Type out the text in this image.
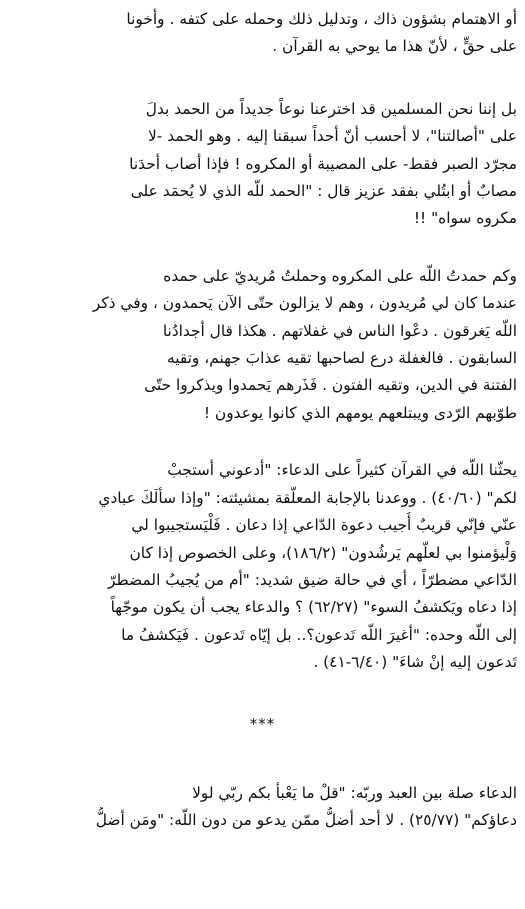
أو الاهتمام بشؤون ذاك ، وتدليل ذلك وحمله على كتفه . وأخونا
على حقٍّ ، لأنّ هذا ما يوحي به القرآن .

بل إننا نحن المسلمين قد اخترعنا نوعاً جديداً من الحمد بدلَ
على "أصالتنا"، لا أحسب أنّ أحداً سبقنا إليه . وهو الحمد -لا
مجرّد الصبر فقط- على المصيبة أو المكروه ! فإذا أصاب أحدَنا
مصابٌ أو ابتُلي بفقد عزيز قال : "الحمد للّه الذي لا يُحمَد على
مكروه سواه" !!

وكم حمدتُ اللّه على المكروه وحملتُ مُريديّ على حمده
عندما كان لي مُريدون ، وهم لا يزالون حتّى الآن يَحمدون ، وفي ذكر
اللّه يَغرقون . دعْوا الناس في غفلاتهم . هكذا قال أجدادُنا
السابقون . فالغفلة درع لصاحبها تقيه عذابَ جهنم، وتقيه
الفتنة في الدين، وتقيه الفتون . فَذَرهم يَحمدوا ويذكروا حتّى
طوّبهم الرّدى ويبتلعهم يومهم الذي كانوا يوعدون !

يحثّنا اللّه في القرآن كثيراً على الدعاء: "أدعوني أستجبْ
لكم" (٤٠/٦٠) . ووعدنا بالإجابة المعلّقة بمشيئته: "وإذا سألَكَ عبادي
عنّي فإنّي قريبٌ أُجيب دعوة الدّاعي إذا دعان . فَلْيَستجيبوا لي
وَلْيؤمنوا بي لعلّهم يَرشُدون" (١٨٦/٢)، وعلى الخصوص إذا كان
الدّاعي مضطرّاً ، أي في حالة ضيق شديد: "أم من يُجيبُ المضطرّ
إذا دعاه ويَكشفُ السوء" (٦٢/٢٧) ؟ والدعاء يجب أن يكون موجّهاً
إلى اللّه وحده: "أغيرَ اللّه تَدعون؟.. بل إيّاه تَدعون . فَيَكشفُ ما
تَدعون إليه إنْ شاءَ" (٦/٤٠-٤١) .

***

الدعاء صلة بين العبد وربّه: "قلْ ما يَعْبأ بكم ربّي لولا
دعاؤكم" (٢٥/٧٧) . لا أحد أضلُّ ممّن يدعو من دون اللّه: "ومَن أضلُّ
